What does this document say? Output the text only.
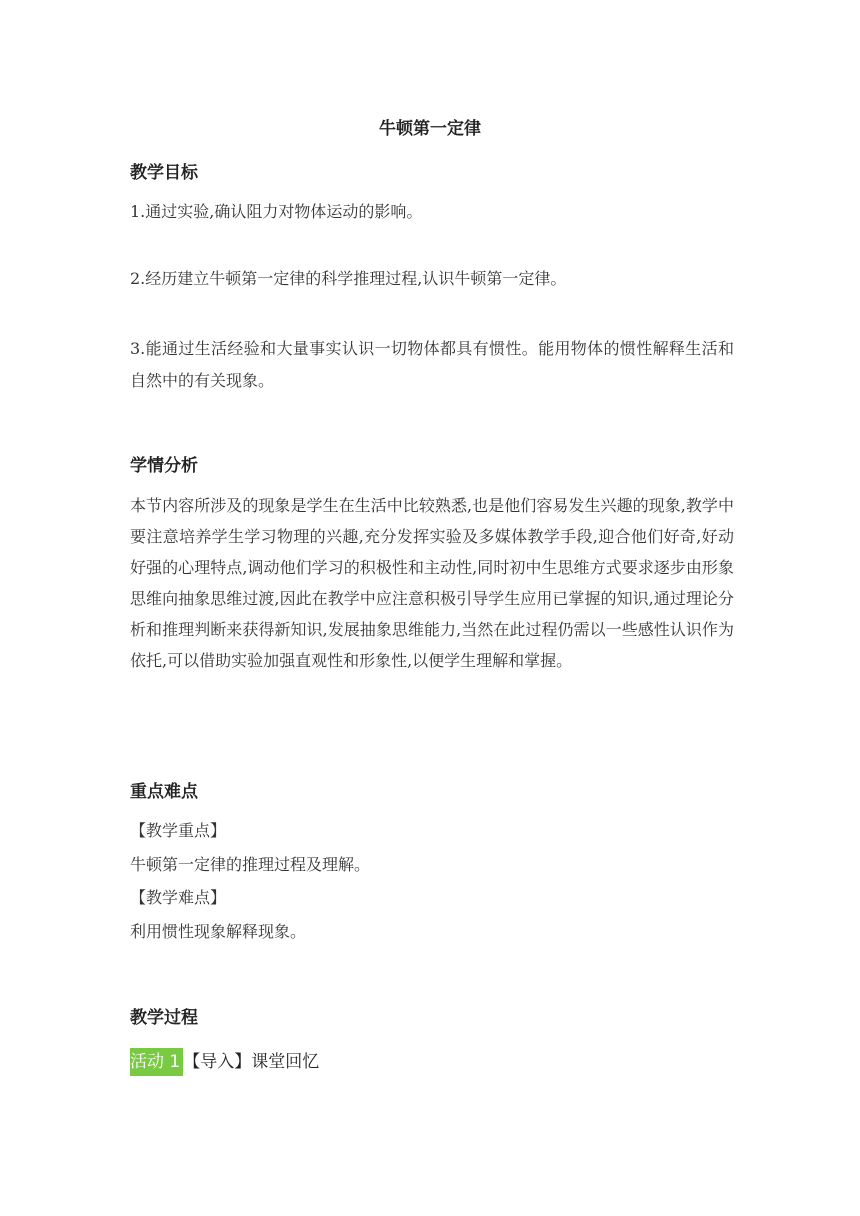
牛顿第一定律
教学目标

1.通过实验,确认阻力对物体运动的影响。

2.经历建立牛顿第一定律的科学推理过程,认识牛顿第一定律。

3.能通过生活经验和大量事实认识一切物体都具有惯性。能用物体的惯性解释生活和自然中的有关现象。

学情分析

本节内容所涉及的现象是学生在生活中比较熟悉,也是他们容易发生兴趣的现象,教学中要注意培养学生学习物理的兴趣,充分发挥实验及多媒体教学手段,迎合他们好奇,好动好强的心理特点,调动他们学习的积极性和主动性,同时初中生思维方式要求逐步由形象思维向抽象思维过渡,因此在教学中应注意积极引导学生应用已掌握的知识,通过理论分析和推理判断来获得新知识,发展抽象思维能力,当然在此过程仍需以一些感性认识作为依托,可以借助实验加强直观性和形象性,以便学生理解和掌握。

重点难点

【教学重点】

牛顿第一定律的推理过程及理解。

【教学难点】

利用惯性现象解释现象。

教学过程
活动 1 【导入】课堂回忆
